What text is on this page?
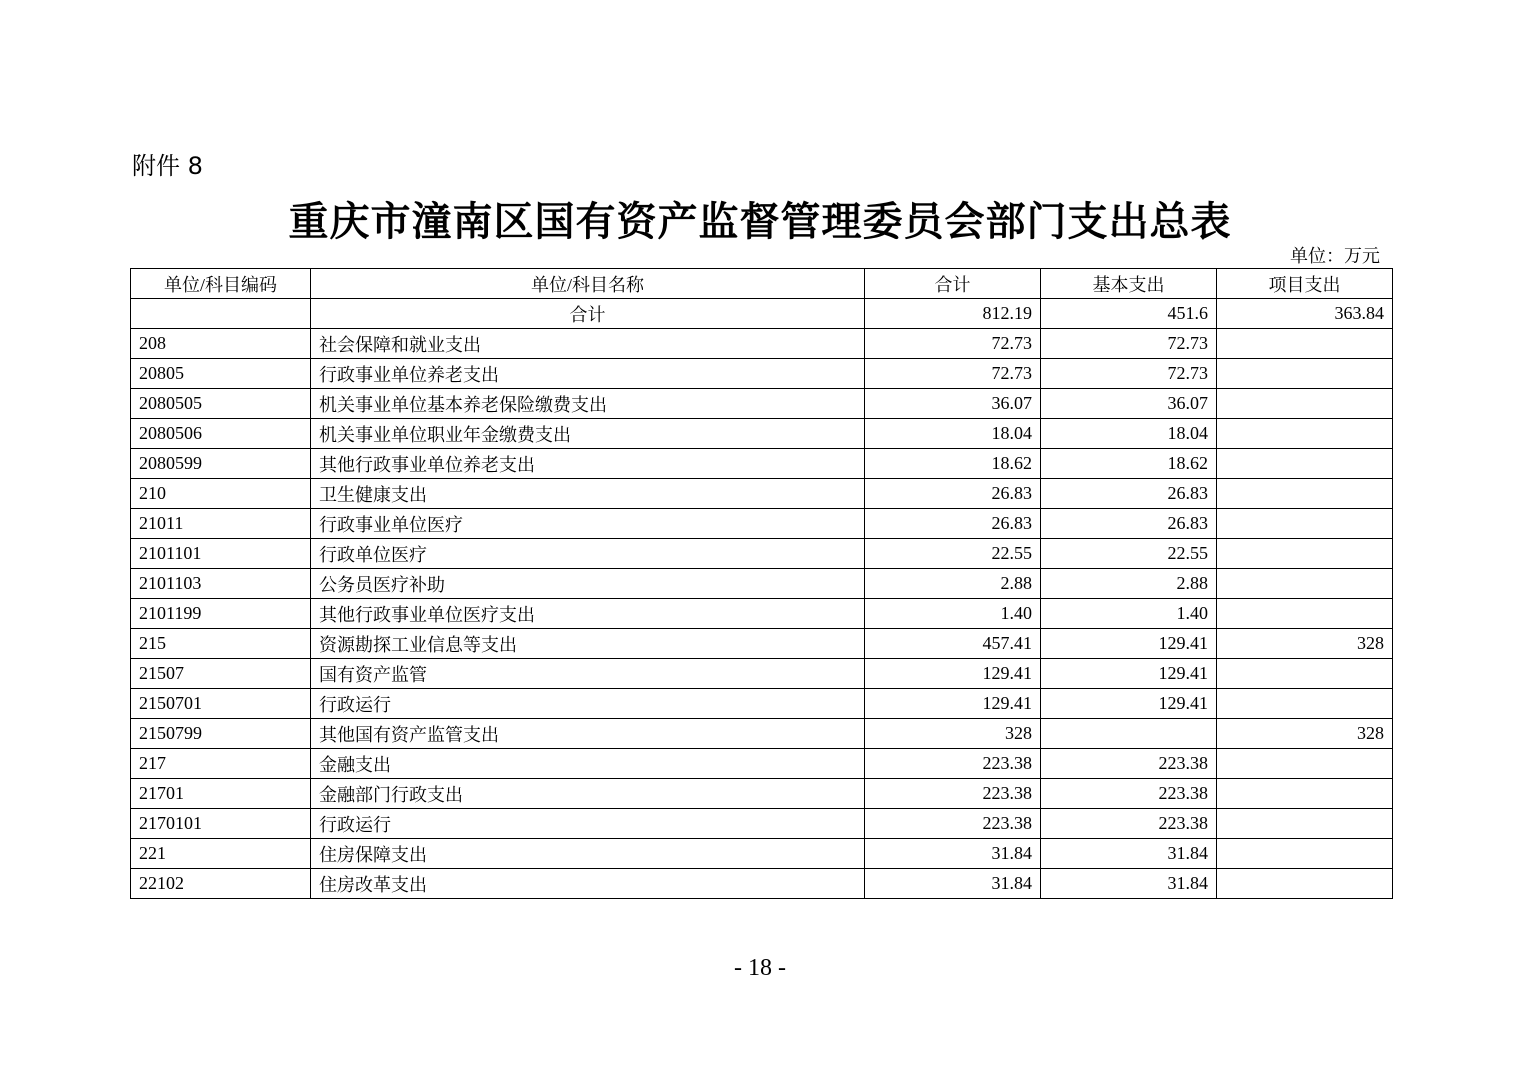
附件 8
重庆市潼南区国有资产监督管理委员会部门支出总表
单位：万元
单位/科目编码	单位/科目名称	合计	基本支出	项目支出
	合计	812.19	451.6	363.84
208	社会保障和就业支出	72.73	72.73	
20805	行政事业单位养老支出	72.73	72.73	
2080505	机关事业单位基本养老保险缴费支出	36.07	36.07	
2080506	机关事业单位职业年金缴费支出	18.04	18.04	
2080599	其他行政事业单位养老支出	18.62	18.62	
210	卫生健康支出	26.83	26.83	
21011	行政事业单位医疗	26.83	26.83	
2101101	行政单位医疗	22.55	22.55	
2101103	公务员医疗补助	2.88	2.88	
2101199	其他行政事业单位医疗支出	1.40	1.40	
215	资源勘探工业信息等支出	457.41	129.41	328
21507	国有资产监管	129.41	129.41	
2150701	行政运行	129.41	129.41	
2150799	其他国有资产监管支出	328		328
217	金融支出	223.38	223.38	
21701	金融部门行政支出	223.38	223.38	
2170101	行政运行	223.38	223.38	
221	住房保障支出	31.84	31.84	
22102	住房改革支出	31.84	31.84	
- 18 -
